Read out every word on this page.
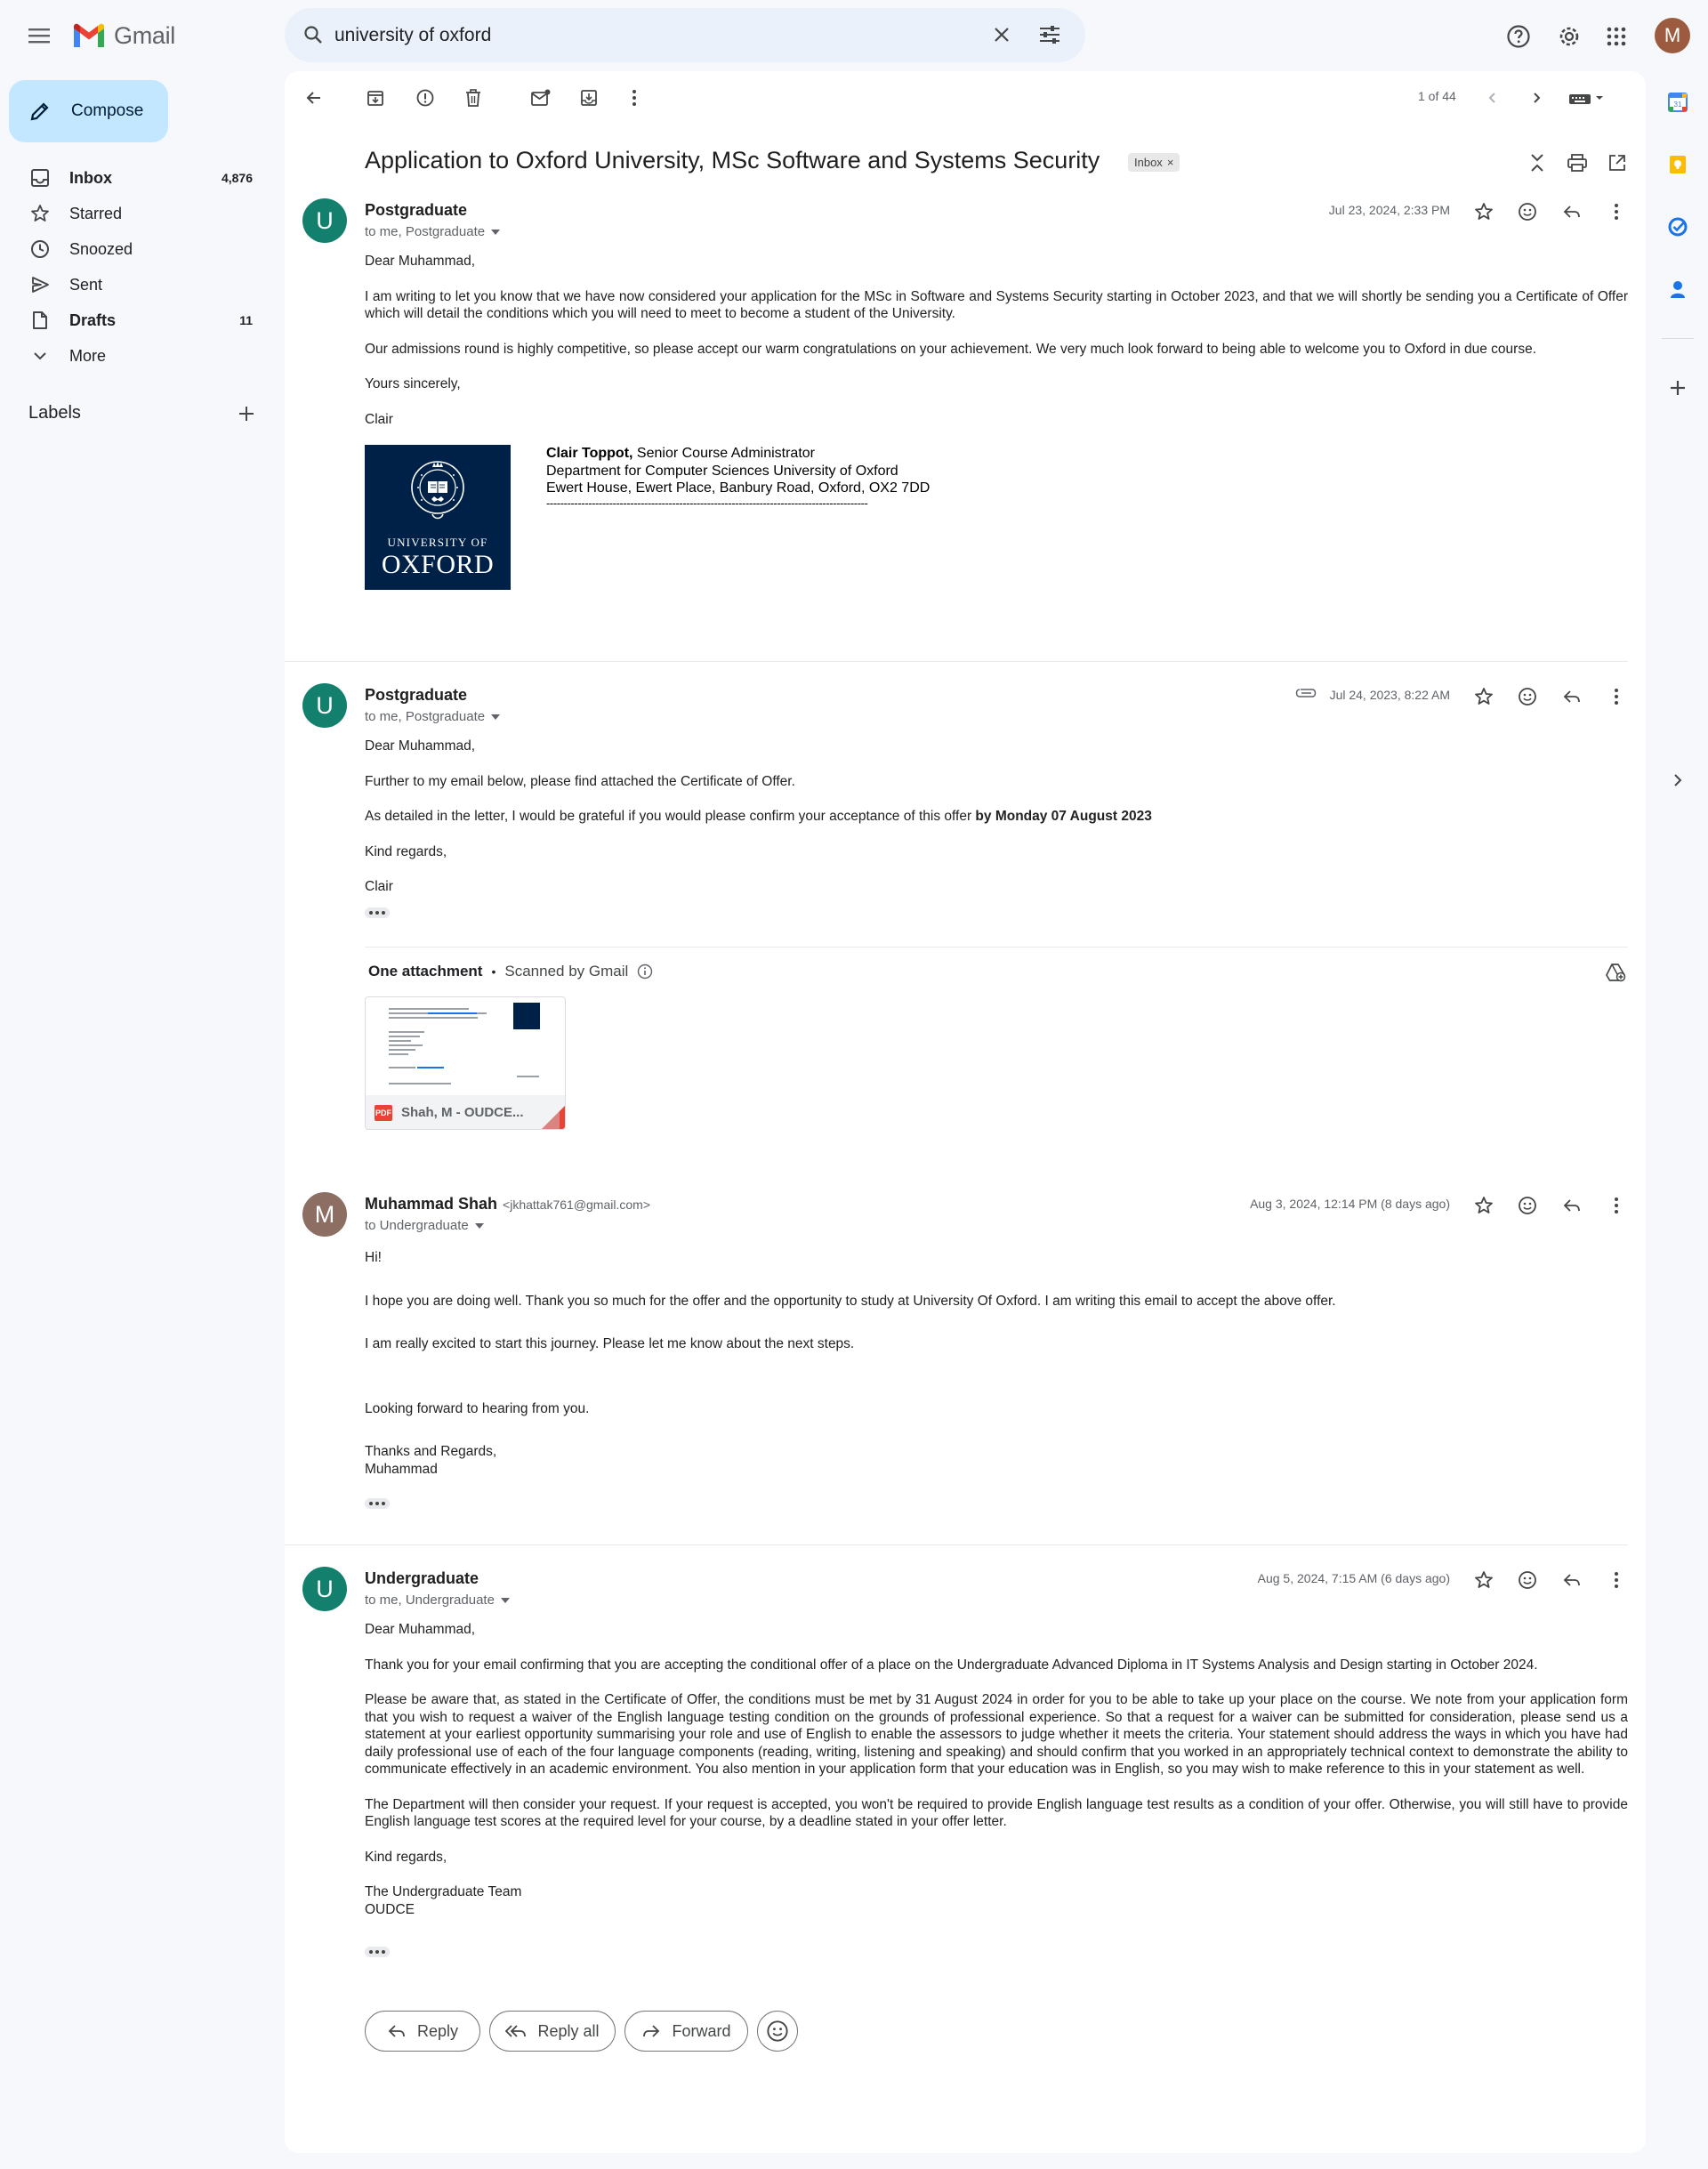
Gmail
university of oxford	M
Compose
Inbox	4,876
Starred
Snoozed
Sent
Drafts	11
More
Labels
1 of 44
Application to Oxford University, MSc Software and Systems Security	Inbox ×
U	Postgraduate
to me, Postgraduate
Jul 23, 2024, 2:33 PM

Dear Muhammad,

I am writing to let you know that we have now considered your application for the MSc in Software and Systems Security starting in October 2023, and that we will shortly be sending you a Certificate of Offer which will detail the conditions which you will need to meet to become a student of the University.

Our admissions round is highly competitive, so please accept our warm congratulations on your achievement. We very much look forward to being able to welcome you to Oxford in due course.

Yours sincerely,

Clair

UNIVERSITY OF
OXFORD
Clair Toppot, Senior Course Administrator
Department for Computer Sciences University of Oxford
Ewert House, Ewert Place, Banbury Road, Oxford, OX2 7DD
--------------------------------------------------------------------------------------------
U	Postgraduate
to me, Postgraduate
Jul 24, 2023, 8:22 AM

Dear Muhammad,

Further to my email below, please find attached the Certificate of Offer.

As detailed in the letter, I would be grateful if you would please confirm your acceptance of this offer by Monday 07 August 2023

Kind regards,

Clair

One attachment • Scanned by Gmail
PDF Shah, M - OUDCE...
M	Muhammad Shah <jkhattak761@gmail.com>
to Undergraduate
Aug 3, 2024, 12:14 PM (8 days ago)

Hi!

I hope you are doing well. Thank you so much for the offer and the opportunity to study at University Of Oxford. I am writing this email to accept the above offer.

I am really excited to start this journey. Please let me know about the next steps.

Looking forward to hearing from you.

Thanks and Regards,

Muhammad

U	Undergraduate
to me, Undergraduate
Aug 5, 2024, 7:15 AM (6 days ago)

Dear Muhammad,

Thank you for your email confirming that you are accepting the conditional offer of a place on the Undergraduate Advanced Diploma in IT Systems Analysis and Design starting in October 2024.

Please be aware that, as stated in the Certificate of Offer, the conditions must be met by 31 August 2024 in order for you to be able to take up your place on the course. We note from your application form that you wish to request a waiver of the English language testing condition on the grounds of professional experience. So that a request for a waiver can be submitted for consideration, please send us a statement at your earliest opportunity summarising your role and use of English to enable the assessors to judge whether it meets the criteria. Your statement should address the ways in which you have had daily professional use of each of the four language components (reading, writing, listening and speaking) and should confirm that you worked in an appropriately technical context to demonstrate the ability to communicate effectively in an academic environment. You also mention in your application form that your education was in English, so you may wish to make reference to this in your statement as well.

The Department will then consider your request. If your request is accepted, you won't be required to provide English language test results as a condition of your offer. Otherwise, you will still have to provide English language test scores at the required level for your course, by a deadline stated in your offer letter.

Kind regards,

The Undergraduate Team

OUDCE

Reply	Reply all	Forward
31
